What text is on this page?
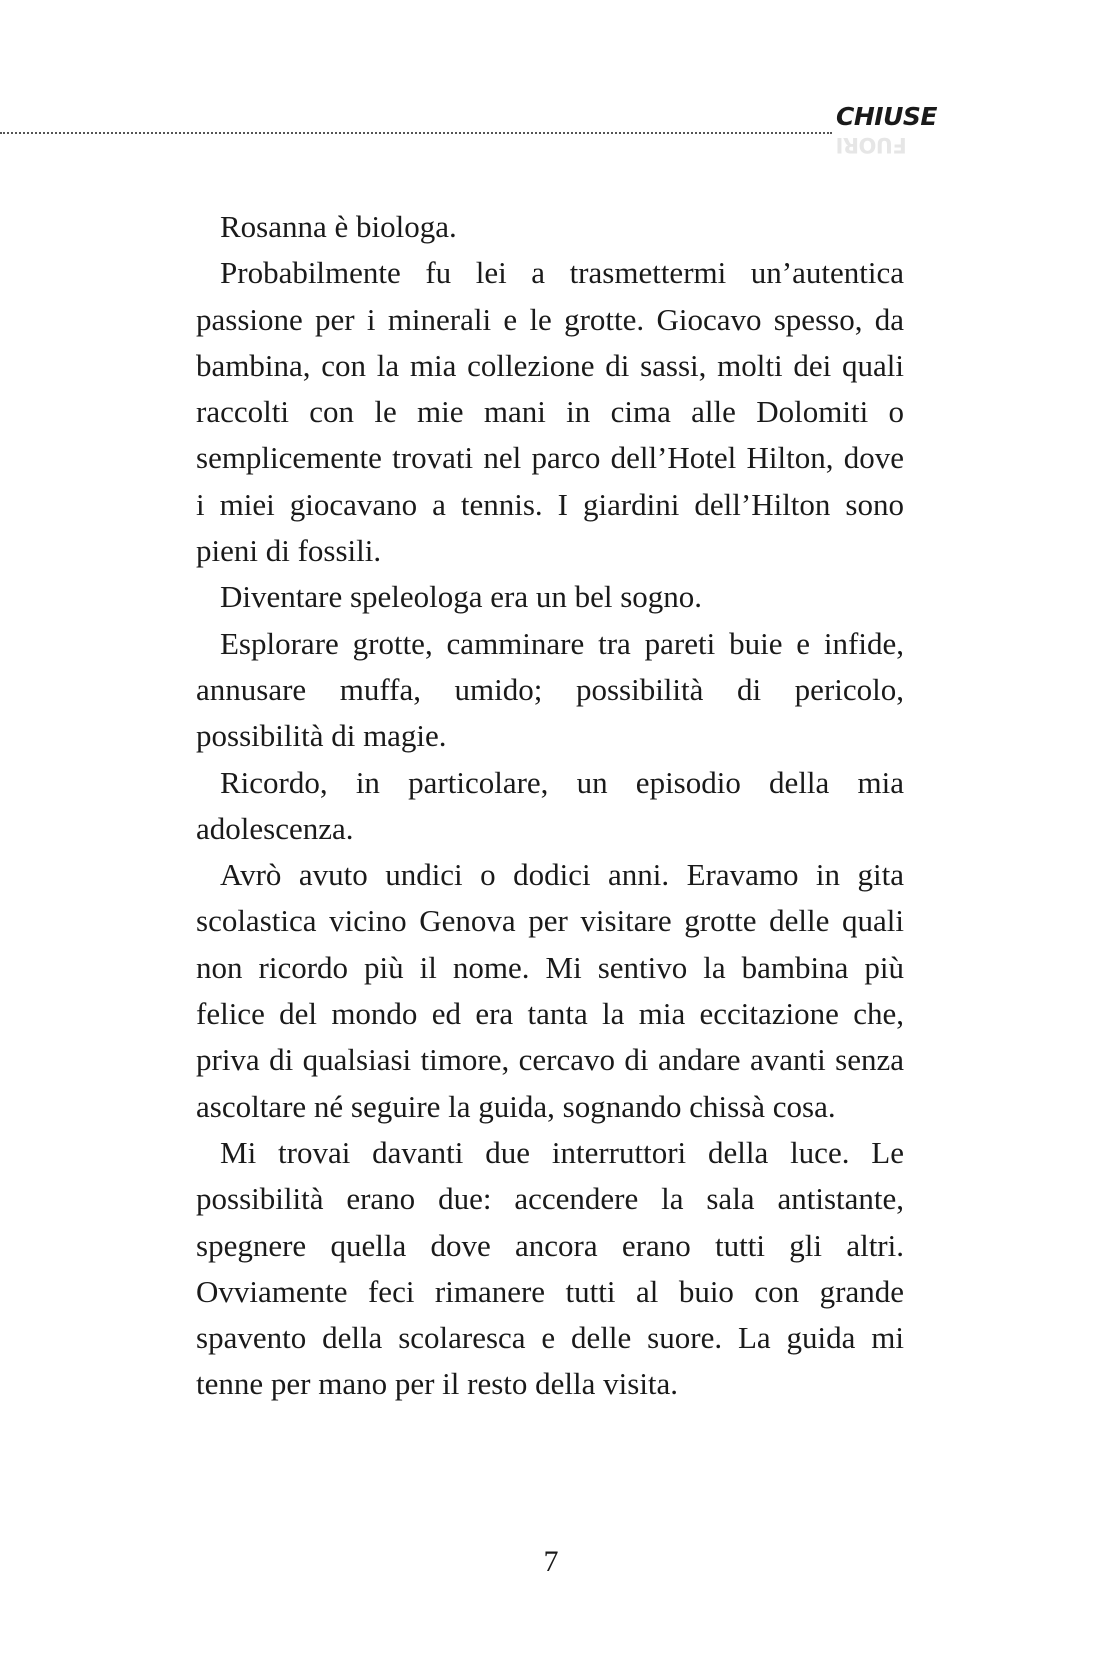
CHIUSE
FUORI

Rosanna è biologa.

Probabilmente fu lei a trasmettermi un’autentica passione per i minerali e le grotte. Giocavo spesso, da bambina, con la mia collezione di sassi, molti dei quali raccolti con le mie mani in cima alle Dolomiti o semplicemente trovati nel parco dell’Hotel Hilton, dove i miei giocavano a tennis. I giardini dell’Hilton sono pieni di fossili.

Diventare speleologa era un bel sogno.

Esplorare grotte, camminare tra pareti buie e infide, annusare muffa, umido; possibilità di pericolo, possibilità di magie.

Ricordo, in particolare, un episodio della mia adolescenza.

Avrò avuto undici o dodici anni. Eravamo in gita scolastica vicino Genova per visitare grotte delle quali non ricordo più il nome. Mi sentivo la bambina più felice del mondo ed era tanta la mia eccitazione che, priva di qualsiasi timore, cercavo di andare avanti senza ascoltare né seguire la guida, sognando chissà cosa.

Mi trovai davanti due interruttori della luce. Le possibilità erano due: accendere la sala antistante, spegnere quella dove ancora erano tutti gli altri. Ovviamente feci rimanere tutti al buio con grande spavento della scolaresca e delle suore. La guida mi tenne per mano per il resto della visita.

7
